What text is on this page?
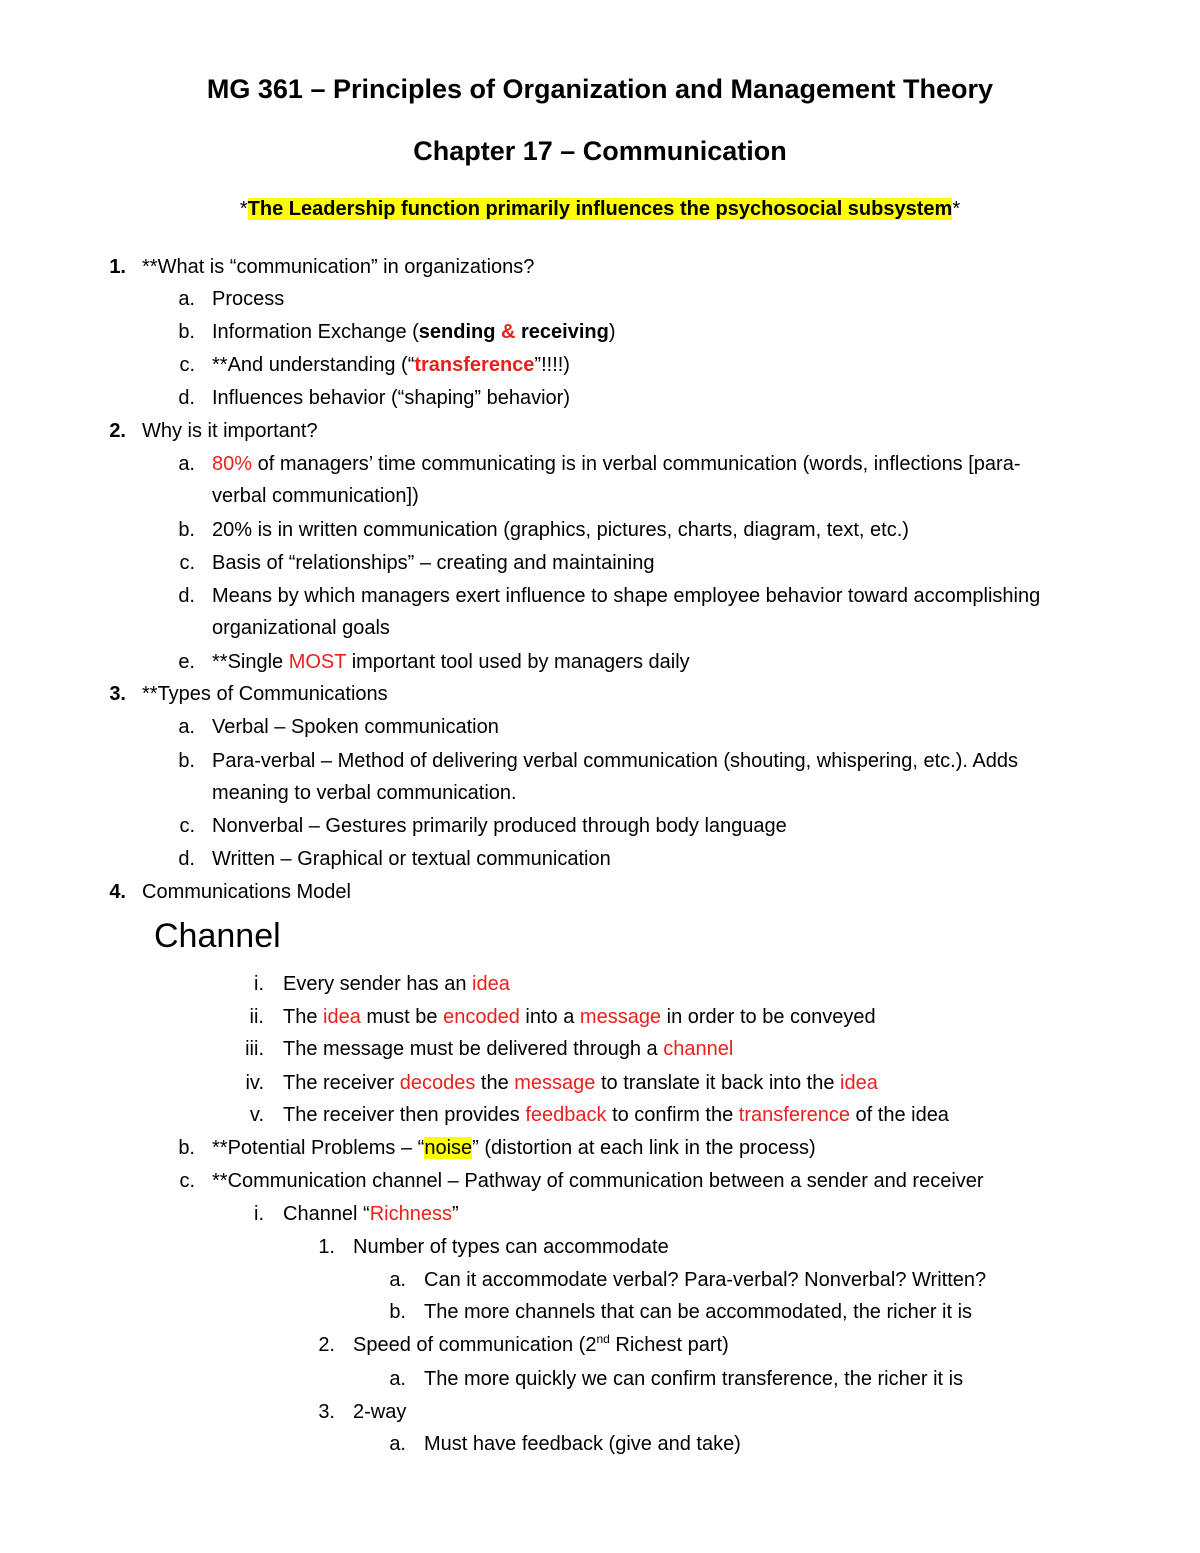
MG 361 – Principles of Organization and Management Theory
Chapter 17 – Communication
*The Leadership function primarily influences the psychosocial subsystem*
1. **What is “communication” in organizations?
a. Process
b. Information Exchange (sending & receiving)
c. **And understanding (“transference”!!!!)
d. Influences behavior (“shaping” behavior)
2. Why is it important?
a. 80% of managers’ time communicating is in verbal communication (words, inflections [para-
verbal communication])
b. 20% is in written communication (graphics, pictures, charts, diagram, text, etc.)
c. Basis of “relationships” – creating and maintaining
d. Means by which managers exert influence to shape employee behavior toward accomplishing
organizational goals
e. **Single MOST important tool used by managers daily
3. **Types of Communications
a. Verbal – Spoken communication
b. Para-verbal – Method of delivering verbal communication (shouting, whispering, etc.). Adds
meaning to verbal communication.
c. Nonverbal – Gestures primarily produced through body language
d. Written – Graphical or textual communication
4. Communications Model
Channel
i. Every sender has an idea
ii. The idea must be encoded into a message in order to be conveyed
iii. The message must be delivered through a channel
iv. The receiver decodes the message to translate it back into the idea
v. The receiver then provides feedback to confirm the transference of the idea
b. **Potential Problems – “noise” (distortion at each link in the process)
c. **Communication channel – Pathway of communication between a sender and receiver
i. Channel “Richness”
1. Number of types can accommodate
a. Can it accommodate verbal? Para-verbal? Nonverbal? Written?
b. The more channels that can be accommodated, the richer it is
2. Speed of communication (2nd Richest part)
a. The more quickly we can confirm transference, the richer it is
3. 2-way
a. Must have feedback (give and take)
